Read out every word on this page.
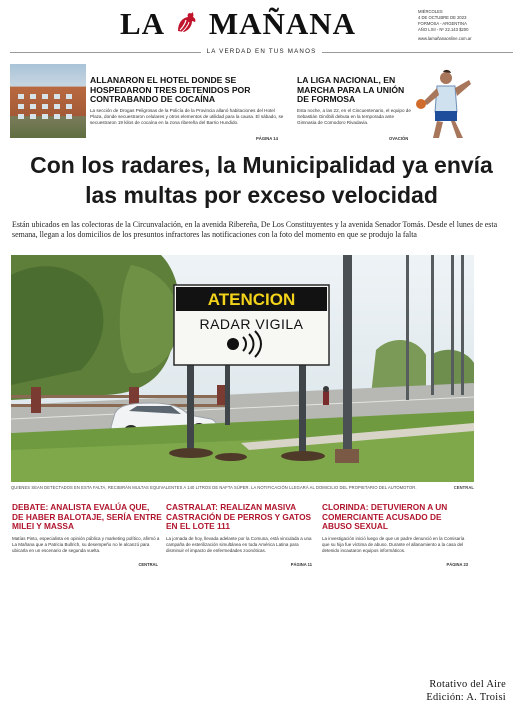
LA MAÑANA	MIÉRCOLES
4 DE OCTUBRE DE 2023
FORMOSA - ARGENTINA
AÑO LXII - Nº 22.143 $200
www.lamañanaonline.com.ar
LA VERDAD EN TUS MANOS
ALLANARON EL HOTEL DONDE SE HOSPEDARON TRES DETENIDOS POR CONTRABANDO DE COCAÍNA
La sección de Drogas Peligrosas de la Policía de la Provincia allanó habitaciones del Hotel Plaza, donde secuestraron celulares y otros elementos de utilidad para la causa. El sábado, se secuestraron 19 kilos de cocaína en la zona ribereña del Barrio Hundido.
PÁGINA 14
LA LIGA NACIONAL, EN MARCHA PARA LA UNIÓN DE FORMOSA
Esta noche, a las 22, en el Cincuentenario, el equipo de Sebastián Ginóbili debuta en la temporada ante Gimnasia de Comodoro Rivadavia.
OVACIÓN
Con los radares, la Municipalidad ya envía las multas por exceso velocidad
Están ubicados en las colectoras de la Circunvalación, en la avenida Ribereña, De Los Constituyentes y la avenida Senador Tomás. Desde el lunes de esta semana, llegan a los domicilios de los presuntos infractores las notificaciones con la foto del momento en que se produjo la falta
ATENCION
RADAR VIGILA
QUIENES SEAN DETECTADOS EN ESTA FALTA, RECIBIRÁN MULTAS EQUIVALENTES A 140 LITROS DE NAFTA SÚPER. LA NOTIFICACIÓN LLEGARÁ AL DOMICILIO DEL PROPIETARIO DEL AUTOMOTOR.	CENTRAL
DEBATE: ANALISTA EVALÚA QUE, DE HABER BALOTAJE, SERÍA ENTRE MILEI Y MASSA
Matías Pinto, especialista en opinión pública y marketing político, afirmó a La Mañana que a Patricia Bullrich, su desempeño no le alcanzó para ubicarla en un escenario de segunda vuelta.
CENTRAL
CASTRALAT: REALIZAN MASIVA CASTRACIÓN DE PERROS Y GATOS EN EL LOTE 111
La jornada de hoy, llevada adelante por la Comuna, está vinculada a una campaña de esterilización simultánea en toda América Latina para disminuir el impacto de enfermedades zoonóticas.
PÁGINA 11
CLORINDA: DETUVIERON A UN COMERCIANTE ACUSADO DE ABUSO SEXUAL
La investigación inició luego de que un padre denunció en la Comisaría que su hija fue víctima de abuso. Durante el allanamiento a la casa del detenido incautaron equipos informáticos.
PÁGINA 23
Rotativo del Aire
Edición: A. Troisi
